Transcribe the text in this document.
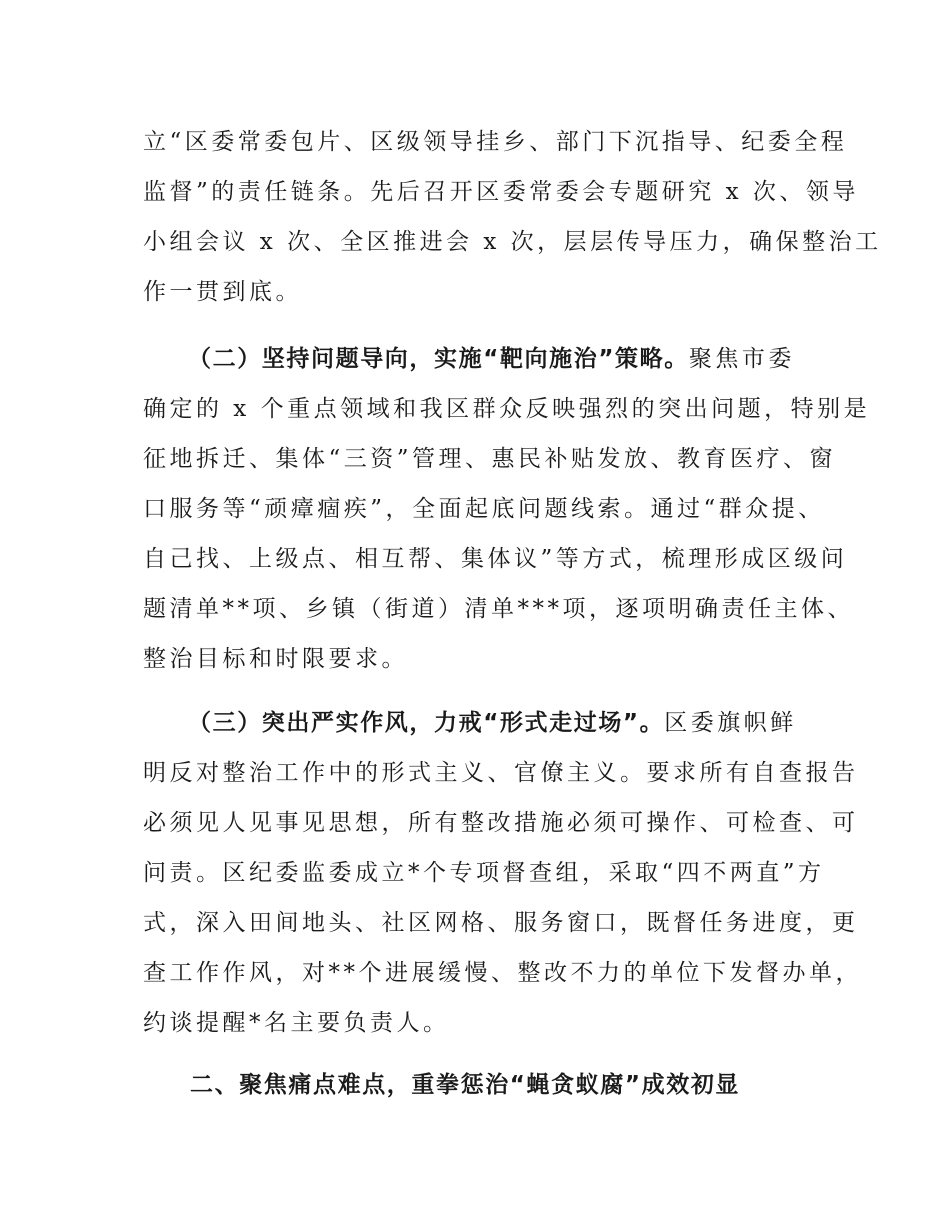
立“区委常委包片、区级领导挂乡、部门下沉指导、纪委全程
监督”的责任链条。先后召开区委常委会专题研究 x 次、领导
小组会议 x 次、全区推进会 x 次，层层传导压力，确保整治工
作一贯到底。
（二）坚持问题导向，实施“靶向施治”策略。聚焦市委
确定的 x 个重点领域和我区群众反映强烈的突出问题，特别是
征地拆迁、集体“三资”管理、惠民补贴发放、教育医疗、窗
口服务等“顽瘴痼疾”，全面起底问题线索。通过“群众提、
自己找、上级点、相互帮、集体议”等方式，梳理形成区级问
题清单**项、乡镇（街道）清单***项，逐项明确责任主体、
整治目标和时限要求。
（三）突出严实作风，力戒“形式走过场”。区委旗帜鲜
明反对整治工作中的形式主义、官僚主义。要求所有自查报告
必须见人见事见思想，所有整改措施必须可操作、可检查、可
问责。区纪委监委成立*个专项督查组，采取“四不两直”方
式，深入田间地头、社区网格、服务窗口，既督任务进度，更
查工作作风，对**个进展缓慢、整改不力的单位下发督办单，
约谈提醒*名主要负责人。
二、聚焦痛点难点，重拳惩治“蝇贪蚁腐”成效初显
